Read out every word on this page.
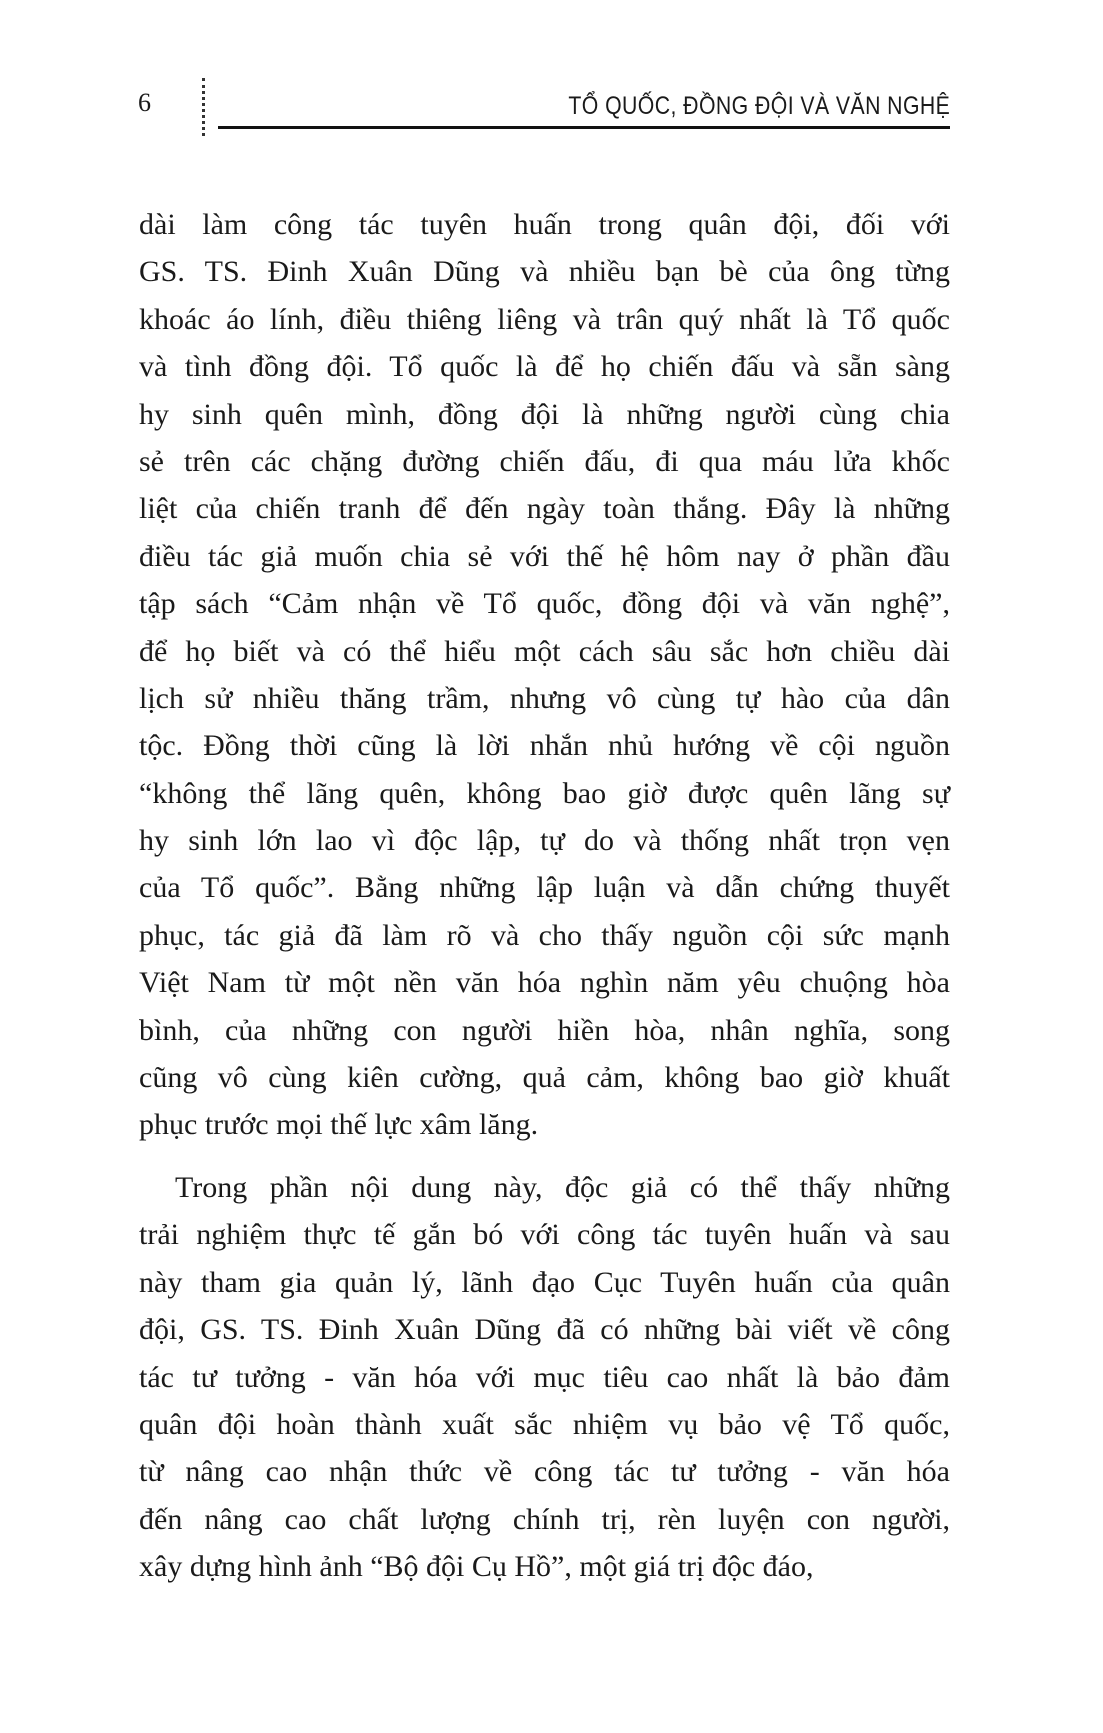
6	TỔ QUỐC, ĐỒNG ĐỘI VÀ VĂN NGHỆ
dài làm công tác tuyên huấn trong quân đội, đối với
GS. TS. Đinh Xuân Dũng và nhiều bạn bè của ông từng
khoác áo lính, điều thiêng liêng và trân quý nhất là Tổ quốc
và tình đồng đội. Tổ quốc là để họ chiến đấu và sẵn sàng
hy sinh quên mình, đồng đội là những người cùng chia
sẻ trên các chặng đường chiến đấu, đi qua máu lửa khốc
liệt của chiến tranh để đến ngày toàn thắng. Đây là những
điều tác giả muốn chia sẻ với thế hệ hôm nay ở phần đầu
tập sách “Cảm nhận về Tổ quốc, đồng đội và văn nghệ”,
để họ biết và có thể hiểu một cách sâu sắc hơn chiều dài
lịch sử nhiều thăng trầm, nhưng vô cùng tự hào của dân
tộc. Đồng thời cũng là lời nhắn nhủ hướng về cội nguồn
“không thể lãng quên, không bao giờ được quên lãng sự
hy sinh lớn lao vì độc lập, tự do và thống nhất trọn vẹn
của Tổ quốc”. Bằng những lập luận và dẫn chứng thuyết
phục, tác giả đã làm rõ và cho thấy nguồn cội sức mạnh
Việt Nam từ một nền văn hóa nghìn năm yêu chuộng hòa
bình, của những con người hiền hòa, nhân nghĩa, song
cũng vô cùng kiên cường, quả cảm, không bao giờ khuất
phục trước mọi thế lực xâm lăng.
Trong phần nội dung này, độc giả có thể thấy những
trải nghiệm thực tế gắn bó với công tác tuyên huấn và sau
này tham gia quản lý, lãnh đạo Cục Tuyên huấn của quân
đội, GS. TS. Đinh Xuân Dũng đã có những bài viết về công
tác tư tưởng - văn hóa với mục tiêu cao nhất là bảo đảm
quân đội hoàn thành xuất sắc nhiệm vụ bảo vệ Tổ quốc,
từ nâng cao nhận thức về công tác tư tưởng - văn hóa
đến nâng cao chất lượng chính trị, rèn luyện con người,
xây dựng hình ảnh “Bộ đội Cụ Hồ”, một giá trị độc đáo,
